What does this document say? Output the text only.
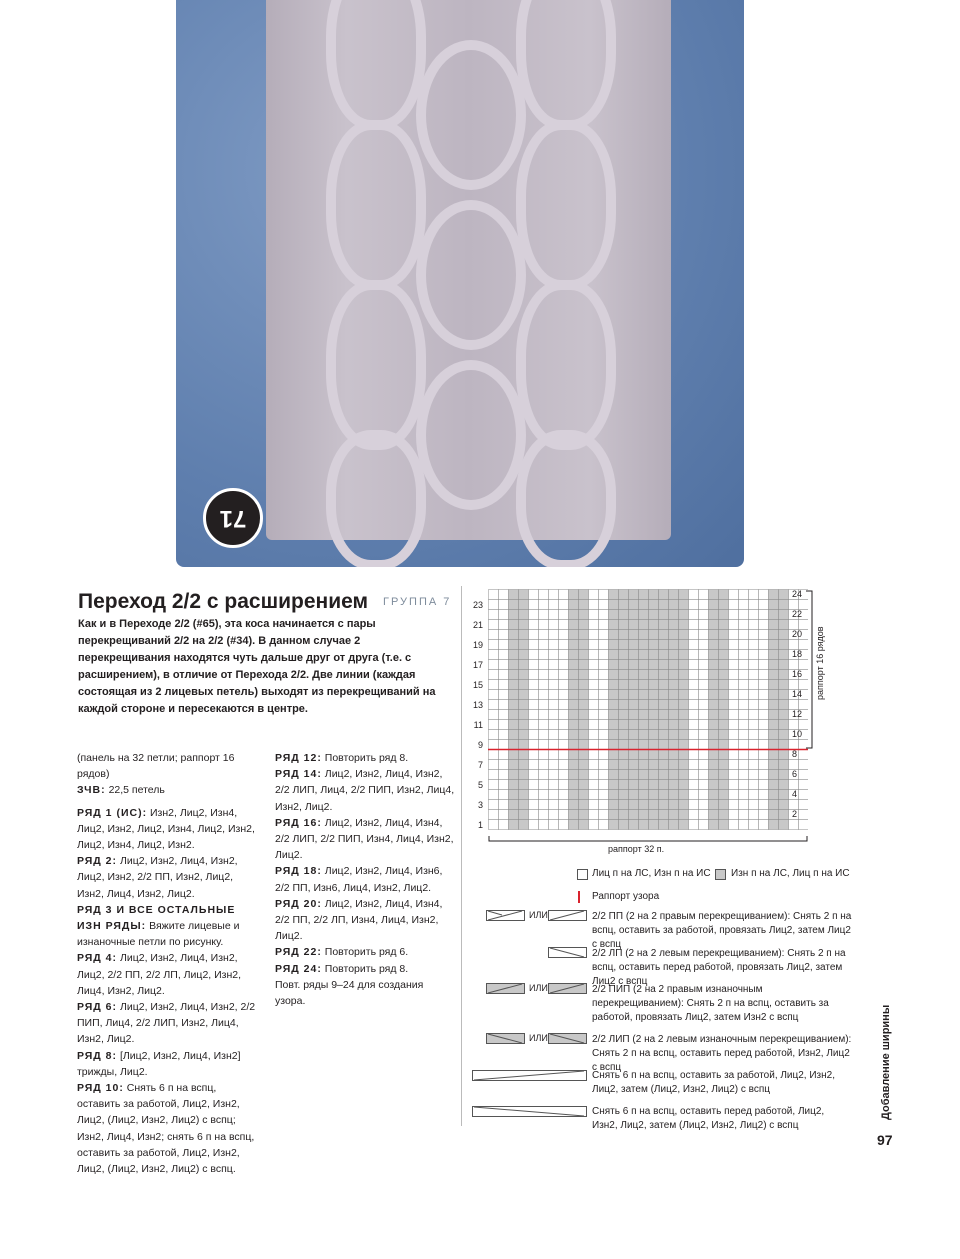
71
Переход 2/2 с расширением ГРУППА 7
Как и в Переходе 2/2 (#65), эта коса начинается с пары перекрещиваний 2/2 на 2/2 (#34). В данном случае 2 перекрещивания находятся чуть дальше друг от друга (т.е. с расширением), в отличие от Перехода 2/2. Две линии (каждая состоящая из 2 лицевых петель) выходят из перекрещиваний на каждой стороне и пересекаются в центре.

(панель на 32 петли; раппорт 16 рядов)

ЗЧВ: 22,5 петель

РЯД 1 (ИС): Изн2, Лиц2, Изн4, Лиц2, Изн2, Лиц2, Изн4, Лиц2, Изн2, Лиц2, Изн4, Лиц2, Изн2.

РЯД 2: Лиц2, Изн2, Лиц4, Изн2, Лиц2, Изн2, 2/2 ПП, Изн2, Лиц2, Изн2, Лиц4, Изн2, Лиц2.

РЯД 3 И ВСЕ ОСТАЛЬНЫЕ ИЗН РЯДЫ: Вяжите лицевые и изнаночные петли по рисунку.

РЯД 4: Лиц2, Изн2, Лиц4, Изн2, Лиц2, 2/2 ПП, 2/2 ЛП, Лиц2, Изн2, Лиц4, Изн2, Лиц2.

РЯД 6: Лиц2, Изн2, Лиц4, Изн2, 2/2 ПИП, Лиц4, 2/2 ЛИП, Изн2, Лиц4, Изн2, Лиц2.

РЯД 8: [Лиц2, Изн2, Лиц4, Изн2] трижды, Лиц2.

РЯД 10: Снять 6 п на вспц, оставить за работой, Лиц2, Изн2, Лиц2, (Лиц2, Изн2, Лиц2) с вспц; Изн2, Лиц4, Изн2; снять 6 п на вспц, оставить за работой, Лиц2, Изн2, Лиц2, (Лиц2, Изн2, Лиц2) с вспц.

РЯД 12: Повторить ряд 8.

РЯД 14: Лиц2, Изн2, Лиц4, Изн2, 2/2 ЛИП, Лиц4, 2/2 ПИП, Изн2, Лиц4, Изн2, Лиц2.

РЯД 16: Лиц2, Изн2, Лиц4, Изн4, 2/2 ЛИП, 2/2 ПИП, Изн4, Лиц4, Изн2, Лиц2.

РЯД 18: Лиц2, Изн2, Лиц4, Изн6, 2/2 ПП, Изн6, Лиц4, Изн2, Лиц2.

РЯД 20: Лиц2, Изн2, Лиц4, Изн4, 2/2 ПП, 2/2 ЛП, Изн4, Лиц4, Изн2, Лиц2.

РЯД 22: Повторить ряд 6.

РЯД 24: Повторить ряд 8.

Повт. ряды 9–24 для создания узора.

23
21
19
17
15
13
11
9
7
5
3
1
24
22
20
18
16
14
12
10
8
6
4
2
раппорт 16 рядов
раппорт 32 п.
Лиц п на ЛС, Изн п на ИС Изн п на ЛС, Лиц п на ИС
Раппорт узора
ИЛИ	2/2 ПП (2 на 2 правым перекрещиванием): Снять 2 п на вспц, оставить за работой, провязать Лиц2, затем Лиц2 с вспц
2/2 ЛП (2 на 2 левым перекрещиванием): Снять 2 п на вспц, оставить перед работой, провязать Лиц2, затем Лиц2 с вспц
ИЛИ	2/2 ПИП (2 на 2 правым изнаночным перекрещиванием): Снять 2 п на вспц, оставить за работой, провязать Лиц2, затем Изн2 с вспц
ИЛИ	2/2 ЛИП (2 на 2 левым изнаночным перекрещиванием): Снять 2 п на вспц, оставить перед работой, Изн2, Лиц2 с вспц
Снять 6 п на вспц, оставить за работой, Лиц2, Изн2, Лиц2, затем (Лиц2, Изн2, Лиц2) с вспц
Снять 6 п на вспц, оставить перед работой, Лиц2, Изн2, Лиц2, затем (Лиц2, Изн2, Лиц2) с вспц
Добавление ширины
97
